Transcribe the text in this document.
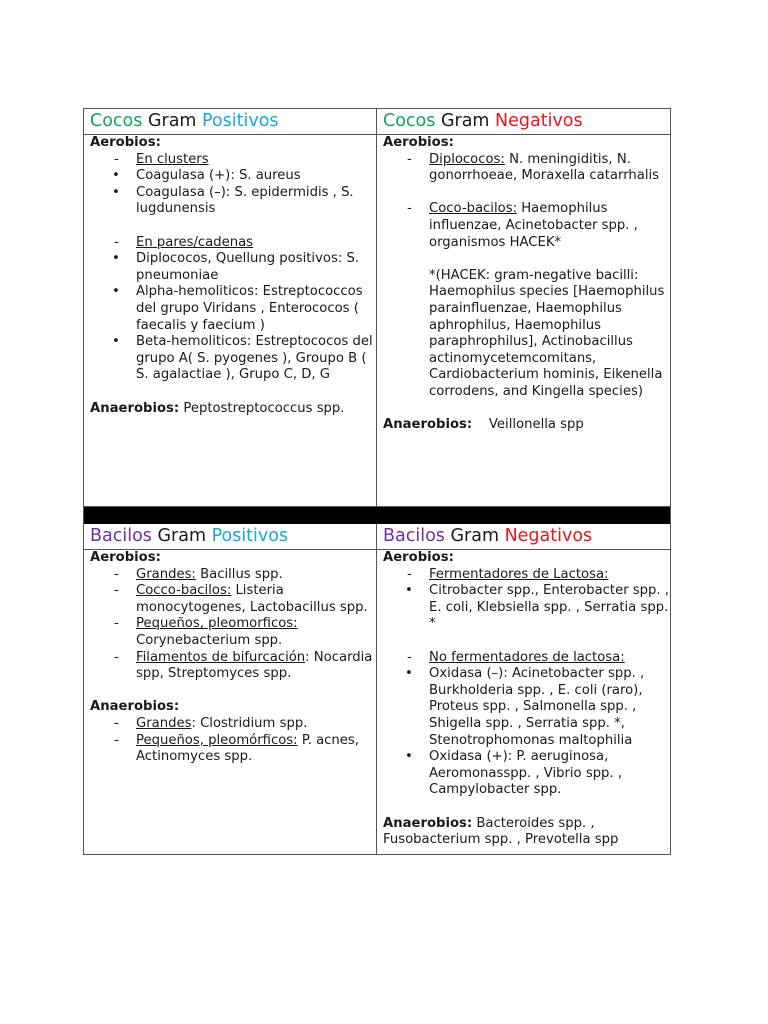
Cocos Gram Positivos	Cocos Gram Negativos
Aerobios:
- En clusters
• Coagulasa (+): S. aureus
• Coagulasa (–): S. epidermidis , S. lugdunensis
- En pares/cadenas
• Diplococos, Quellung positivos: S. pneumoniae
• Alpha-hemoliticos: Estreptococcos del grupo Viridans , Enterococos ( faecalis y faecium )
• Beta-hemoliticos: Estreptococos del grupo A( S. pyogenes ), Groupo B ( S. agalactiae ), Grupo C, D, G
Anaerobios: Peptostreptococcus spp.
Aerobios:
- Diplococos: N. meningiditis, N. gonorrhoeae, Moraxella catarrhalis
- Coco-bacilos: Haemophilus influenzae, Acinetobacter spp. , organismos HACEK*
*(HACEK: gram-negative bacilli: Haemophilus species [Haemophilus parainfluenzae, Haemophilus aphrophilus, Haemophilus paraphrophilus], Actinobacillus actinomycetemcomitans, Cardiobacterium hominis, Eikenella corrodens, and Kingella species)
Anaerobios:    Veillonella spp
Bacilos Gram Positivos	Bacilos Gram Negativos
Aerobios:
- Grandes: Bacillus spp.
- Cocco-bacilos: Listeria monocytogenes, Lactobacillus spp.
- Pequeños, pleomorficos: Corynebacterium spp.
- Filamentos de bifurcación: Nocardia spp, Streptomyces spp.
Anaerobios:
- Grandes: Clostridium spp.
- Pequeños, pleomórficos: P. acnes, Actinomyces spp.
Aerobios:
- Fermentadores de Lactosa:
• Citrobacter spp., Enterobacter spp. , E. coli, Klebsiella spp. , Serratia spp. *
- No fermentadores de lactosa:
• Oxidasa (–): Acinetobacter spp. , Burkholderia spp. , E. coli (raro), Proteus spp. , Salmonella spp. , Shigella spp. , Serratia spp. *, Stenotrophomonas maltophilia
• Oxidasa (+): P. aeruginosa, Aeromonasspp. , Vibrio spp. , Campylobacter spp.
Anaerobios: Bacteroides spp. , Fusobacterium spp. , Prevotella spp
